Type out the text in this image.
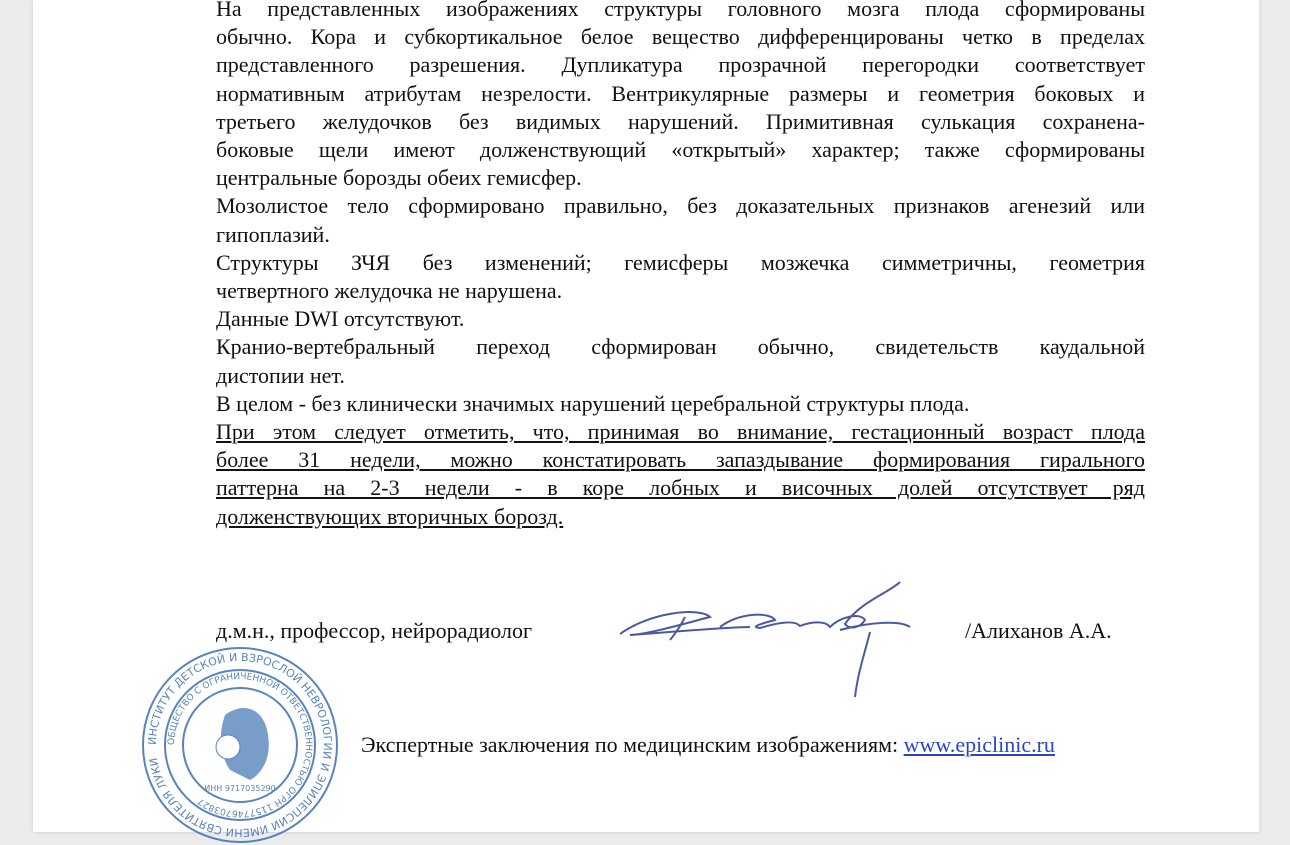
На представленных изображениях структуры головного мозга плода сформированы
обычно. Кора и субкортикальное белое вещество дифференцированы четко в пределах
представленного разрешения. Дупликатура прозрачной перегородки соответствует
нормативным атрибутам незрелости. Вентрикулярные размеры и геометрия боковых и
третьего желудочков без видимых нарушений. Примитивная сулькация сохранена-
боковые щели имеют долженствующий «открытый» характер; также сформированы
центральные борозды обеих гемисфер.
Мозолистое тело сформировано правильно, без доказательных признаков агенезий или
гипоплазий.
Структуры ЗЧЯ без изменений; гемисферы мозжечка симметричны, геометрия
четвертного желудочка не нарушена.
Данные DWI отсутствуют.
Кранио-вертебральный переход сформирован обычно, свидетельств каудальной
дистопии нет.
В целом - без клинически значимых нарушений церебральной структуры плода.
При этом следует отметить, что, принимая во внимание, гестационный возраст плода
более 31 недели, можно констатировать запаздывание формирования гирального
паттерна на 2-3 недели - в коре лобных и височных долей отсутствует ряд
долженствующих вторичных борозд.
д.м.н., профессор, нейрорадиолог	/Алиханов А.А.
Экспертные заключения по медицинским изображениям: www.epiclinic.ru
ИНСТИТУТ ДЕТСКОЙ И ВЗРОСЛОЙ НЕВРОЛОГИИ И ЭПИЛЕПСИИ ИМЕНИ СВЯТИТЕЛЯ ЛУКИ
ОБЩЕСТВО С ОГРАНИЧЕННОЙ ОТВЕТСТВЕННОСТЬЮ ОГРН 1157746703827
ИНН 9717035290
